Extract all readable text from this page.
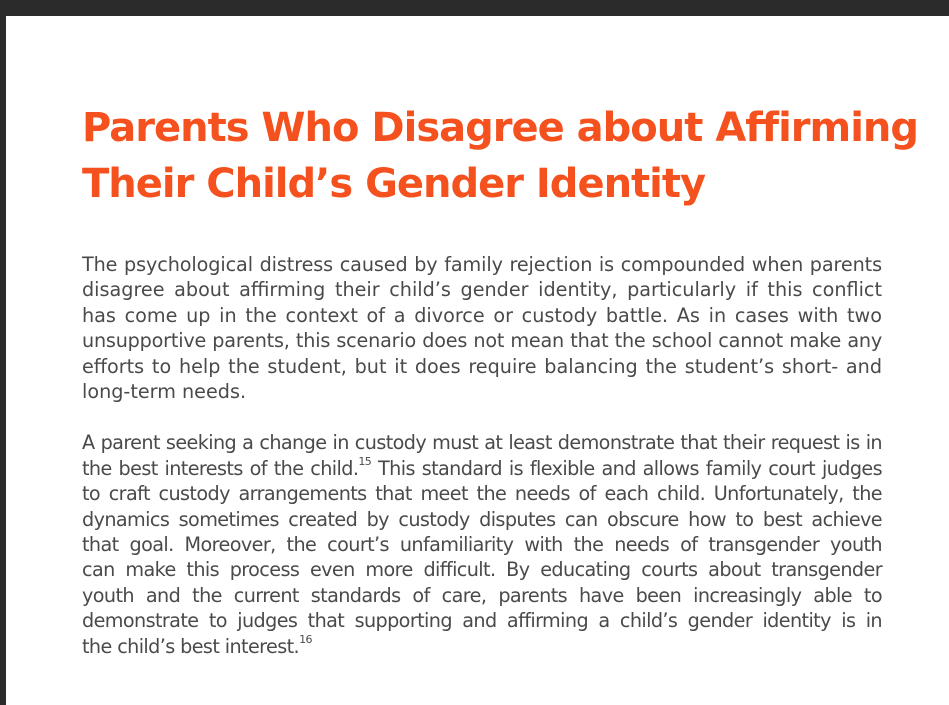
Parents Who Disagree about Affirming
Their Child’s Gender Identity

The psychological distress caused by family rejection is compounded when parents
disagree about affirming their child’s gender identity, particularly if this conflict
has come up in the context of a divorce or custody battle. As in cases with two
unsupportive parents, this scenario does not mean that the school cannot make any
efforts to help the student, but it does require balancing the student’s short- and
long-term needs.

A parent seeking a change in custody must at least demonstrate that their request is in
the best interests of the child.$^{15}$ This standard is flexible and allows family court judges
to craft custody arrangements that meet the needs of each child. Unfortunately, the
dynamics sometimes created by custody disputes can obscure how to best achieve
that goal. Moreover, the court’s unfamiliarity with the needs of transgender youth
can make this process even more difficult. By educating courts about transgender
youth and the current standards of care, parents have been increasingly able to
demonstrate to judges that supporting and affirming a child’s gender identity is in
the child’s best interest.$^{16}$
